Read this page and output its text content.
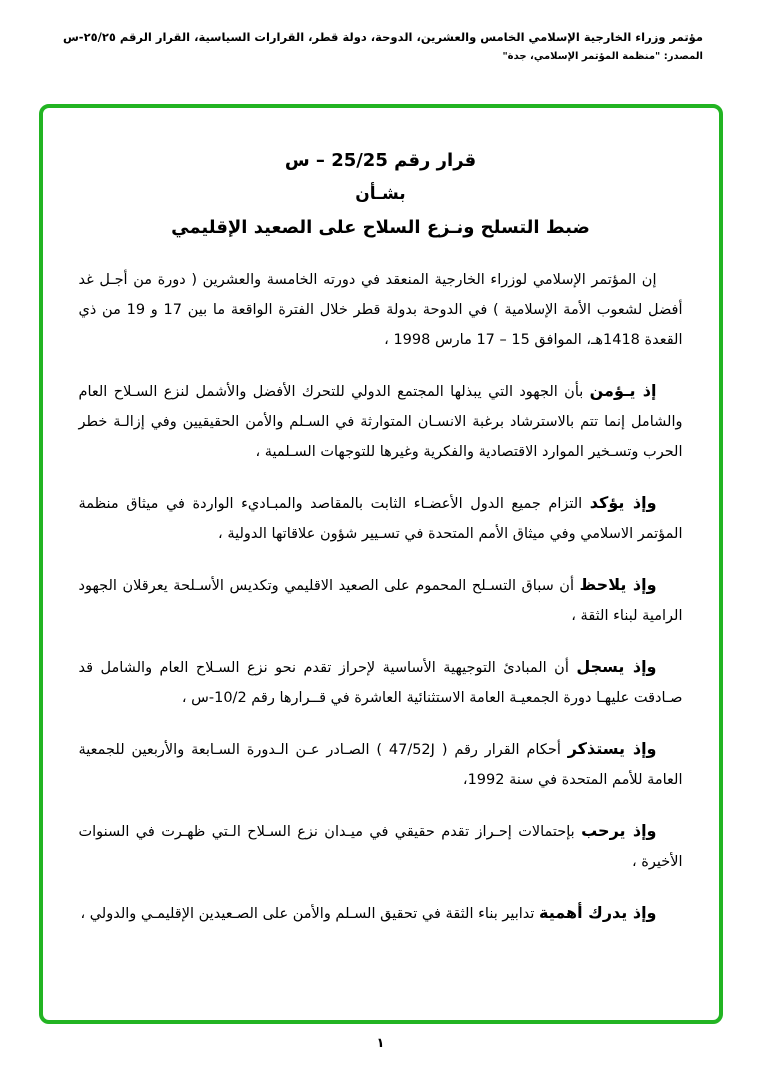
مؤتمر وزراء الخارجية الإسلامي الخامس والعشرين، الدوحة، دولة قطر، القرارات السياسية، القرار الرقم ٢٥/٢٥-س
المصدر: "منظمة المؤتمر الإسلامي، جدة"
قرار رقم 25/25 – س
بشـأن
ضبط التسلح ونـزع السلاح على الصعيد الإقليمي

إن المؤتمر الإسلامي لوزراء الخارجية المنعقد في دورته الخامسة والعشرين ( دورة من أجـل غد أفضل لشعوب الأمة الإسلامية ) في الدوحة بدولة قطر خلال الفترة الواقعة ما بين 17 و 19 من ذي القعدة 1418هـ، الموافق 15 – 17 مارس 1998 ،

إذ يـؤمن بأن الجهود التي يبذلها المجتمع الدولي للتحرك الأفضل والأشمل لنزع السـلاح العام والشامل إنما تتم بالاسترشاد برغبة الانسـان المتوارثة في السـلم والأمن الحقيقيين وفي إزالـة خطر الحرب وتسـخير الموارد الاقتصادية والفكرية وغيرها للتوجهات السـلمية ،

وإذ يؤكد التزام جميع الدول الأعضـاء الثابت بالمقاصد والمبـاديء الواردة في ميثاق منظمة المؤتمر الاسلامي وفي ميثاق الأمم المتحدة في تسـيير شؤون علاقاتها الدولية ،

وإذ يلاحظ أن سباق التسـلح المحموم على الصعيد الاقليمي وتكديس الأسـلحة يعرقلان الجهود الرامية لبناء الثقة ،

وإذ يسجل أن المبادئ التوجيهية الأساسية لإحراز تقدم نحو نزع السـلاح العام والشامل قد صـادقت عليهـا دورة الجمعيـة العامة الاستثنائية العاشرة في قــرارها رقم 10/2-س ،

وإذ يستذكر أحكام القرار رقم ( 47/52J ) الصـادر عـن الـدورة السـابعة والأربعين للجمعية العامة للأمم المتحدة في سنة 1992،

وإذ يرحب بإحتمالات إحـراز تقدم حقيقي في ميـدان نزع السـلاح الـتي ظهـرت في السنوات الأخيرة ،

وإذ يدرك أهمية تدابير بناء الثقة في تحقيق السـلم والأمن على الصـعيدين الإقليمـي والدولي ،

١
